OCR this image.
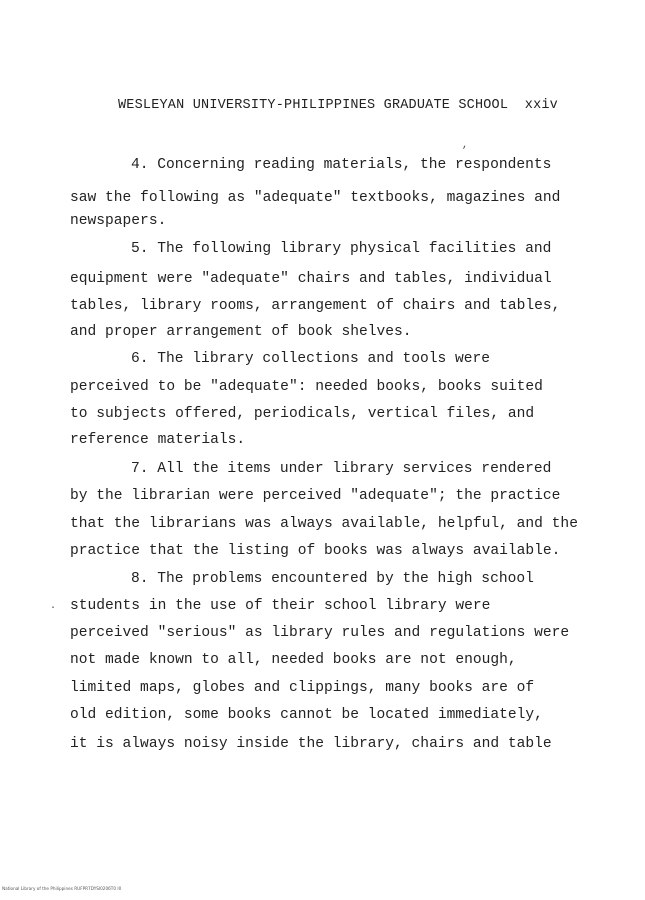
WESLEYAN UNIVERSITY-PHILIPPINES GRADUATE SCHOOL xxiv
4. Concerning reading materials, the respondents
saw the following as "adequate" textbooks, magazines and
newspapers.
5. The following library physical facilities and
equipment were "adequate" chairs and tables, individual
tables, library rooms, arrangement of chairs and tables,
and proper arrangement of book shelves.
6. The library collections and tools were
perceived to be "adequate": needed books, books suited
to subjects offered, periodicals, vertical files, and
reference materials.
7. All the items under library services rendered
by the librarian were perceived "adequate"; the practice
that the librarians was always available, helpful, and the
practice that the listing of books was always available.
8. The problems encountered by the high school
students in the use of their school library were
perceived "serious" as library rules and regulations were
not made known to all, needed books are not enough,
limited maps, globes and clippings, many books are of
old edition, some books cannot be located immediately,
it is always noisy inside the library, chairs and table
,
·
National Library of the Philippines RUFPR7DYSI0206T0 III
